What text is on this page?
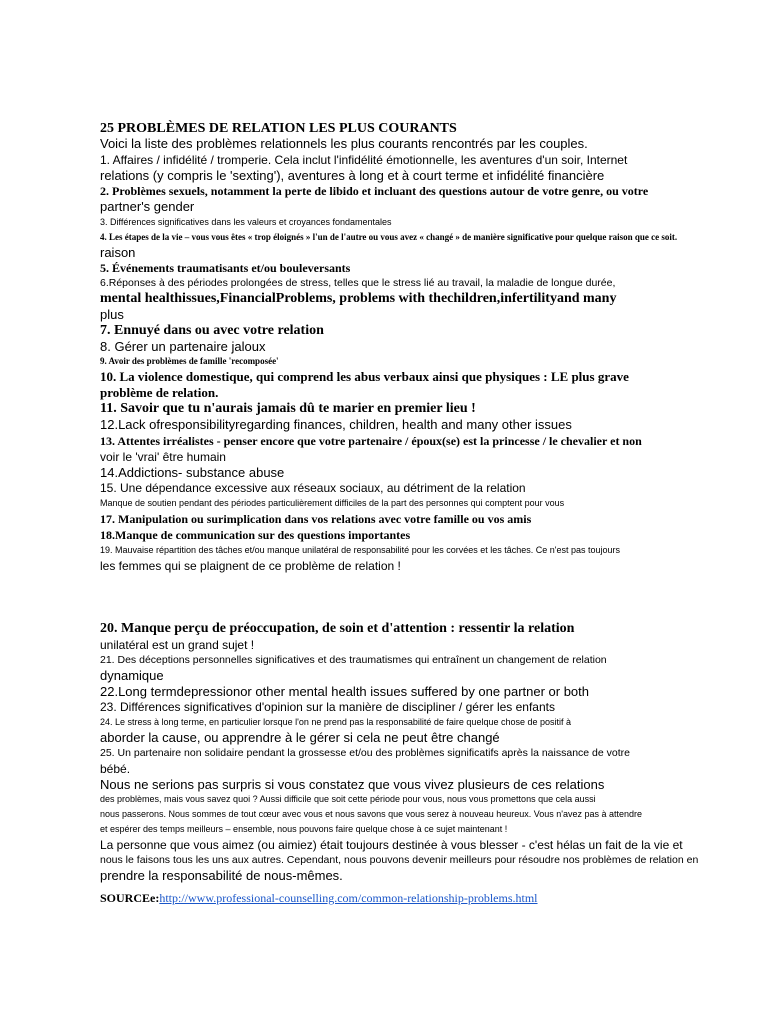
25 PROBLÈMES DE RELATION LES PLUS COURANTS
Voici la liste des problèmes relationnels les plus courants rencontrés par les couples.
1. Affaires / infidélité / tromperie. Cela inclut l'infidélité émotionnelle, les aventures d'un soir, Internet
relations (y compris le 'sexting'), aventures à long et à court terme et infidélité financière
2. Problèmes sexuels, notamment la perte de libido et incluant des questions autour de votre genre, ou votre
partner's gender
3. Différences significatives dans les valeurs et croyances fondamentales
4. Les étapes de la vie – vous vous êtes « trop éloignés » l'un de l'autre ou vous avez « changé » de manière significative pour quelque raison que ce soit.
raison
5. Événements traumatisants et/ou bouleversants
6.Réponses à des périodes prolongées de stress, telles que le stress lié au travail, la maladie de longue durée,
mental healthissues,FinancialProblems, problems with thechildren,infertilityand many
plus
7. Ennuyé dans ou avec votre relation
8. Gérer un partenaire jaloux
9. Avoir des problèmes de famille 'recomposée'
10. La violence domestique, qui comprend les abus verbaux ainsi que physiques : LE plus grave
problème de relation.
11. Savoir que tu n'aurais jamais dû te marier en premier lieu !
12.Lack ofresponsibilityregarding finances, children, health and many other issues
13. Attentes irréalistes - penser encore que votre partenaire / époux(se) est la princesse / le chevalier et non
voir le 'vrai' être humain
14.Addictions- substance abuse
15. Une dépendance excessive aux réseaux sociaux, au détriment de la relation
Manque de soutien pendant des périodes particulièrement difficiles de la part des personnes qui comptent pour vous
17. Manipulation ou surimplication dans vos relations avec votre famille ou vos amis
18.Manque de communication sur des questions importantes
19. Mauvaise répartition des tâches et/ou manque unilatéral de responsabilité pour les corvées et les tâches. Ce n'est pas toujours
les femmes qui se plaignent de ce problème de relation !
20. Manque perçu de préoccupation, de soin et d'attention : ressentir la relation
unilatéral est un grand sujet !
21. Des déceptions personnelles significatives et des traumatismes qui entraînent un changement de relation
dynamique
22.Long termdepressionor other mental health issues suffered by one partner or both
23. Différences significatives d'opinion sur la manière de discipliner / gérer les enfants
24. Le stress à long terme, en particulier lorsque l'on ne prend pas la responsabilité de faire quelque chose de positif à
aborder la cause, ou apprendre à le gérer si cela ne peut être changé
25. Un partenaire non solidaire pendant la grossesse et/ou des problèmes significatifs après la naissance de votre
bébé.
Nous ne serions pas surpris si vous constatez que vous vivez plusieurs de ces relations
des problèmes, mais vous savez quoi ? Aussi difficile que soit cette période pour vous, nous vous promettons que cela aussi
nous passerons. Nous sommes de tout cœur avec vous et nous savons que vous serez à nouveau heureux. Vous n'avez pas à attendre
et espérer des temps meilleurs – ensemble, nous pouvons faire quelque chose à ce sujet maintenant !
La personne que vous aimez (ou aimiez) était toujours destinée à vous blesser - c'est hélas un fait de la vie et
nous le faisons tous les uns aux autres. Cependant, nous pouvons devenir meilleurs pour résoudre nos problèmes de relation en
prendre la responsabilité de nous-mêmes.
SOURCEe:http://www.professional-counselling.com/common-relationship-problems.html
